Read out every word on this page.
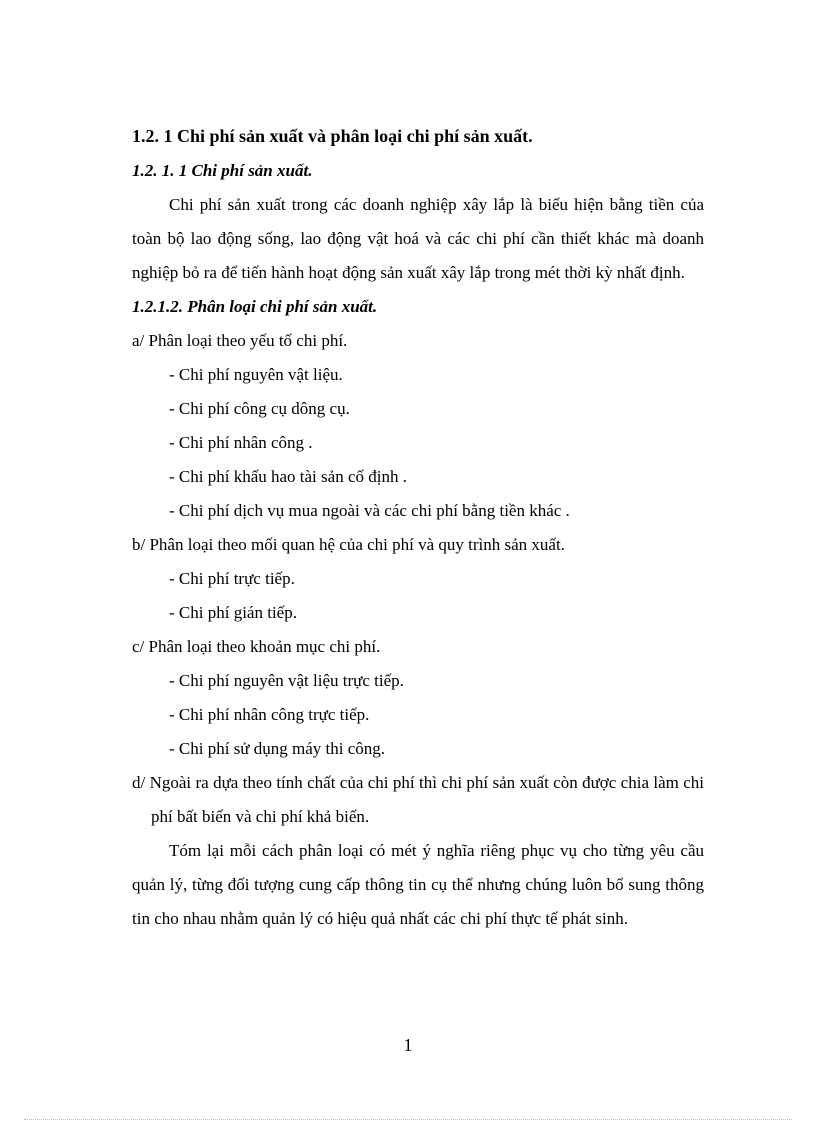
1.2. 1 Chi phí sản xuất và phân loại chi phí sản xuất.

1.2. 1. 1 Chi phí sản xuất.

Chi phí sản xuất trong các doanh nghiệp xây lắp là biểu hiện bằng tiền của toàn bộ lao động sống, lao động vật hoá và các chi phí cần thiết khác mà doanh nghiệp bỏ ra để tiến hành hoạt động sản xuất xây lắp trong mét thời kỳ nhất định.

1.2.1.2. Phân loại chi phí sản xuất.

a/ Phân loại theo yếu tố chi phí.

- Chi phí nguyên vật liệu.

- Chi phí công cụ dông cụ.

- Chi phí nhân công .

- Chi phí khấu hao tài sản cố định .

- Chi phí dịch vụ mua ngoài và các chi phí bằng tiền khác .

b/ Phân loại theo mối quan hệ của chi phí và quy trình sản xuất.

- Chi phí trực tiếp.

- Chi phí gián tiếp.

c/ Phân loại theo khoản mục chi phí.

- Chi phí nguyên vật liệu trực tiếp.

- Chi phí nhân công trực tiếp.

- Chi phí sử dụng máy thi công.

d/ Ngoài ra dựa theo tính chất của chi phí thì chi phí sản xuất còn được chia làm chi phí bất biến và chi phí khả biến.

Tóm lại mỗi cách phân loại có mét ý nghĩa riêng phục vụ cho từng yêu cầu quản lý, từng đối tượng cung cấp thông tin cụ thể nhưng chúng luôn bổ sung thông tin cho nhau nhằm quản lý có hiệu quả nhất các chi phí thực tế phát sinh.

1
